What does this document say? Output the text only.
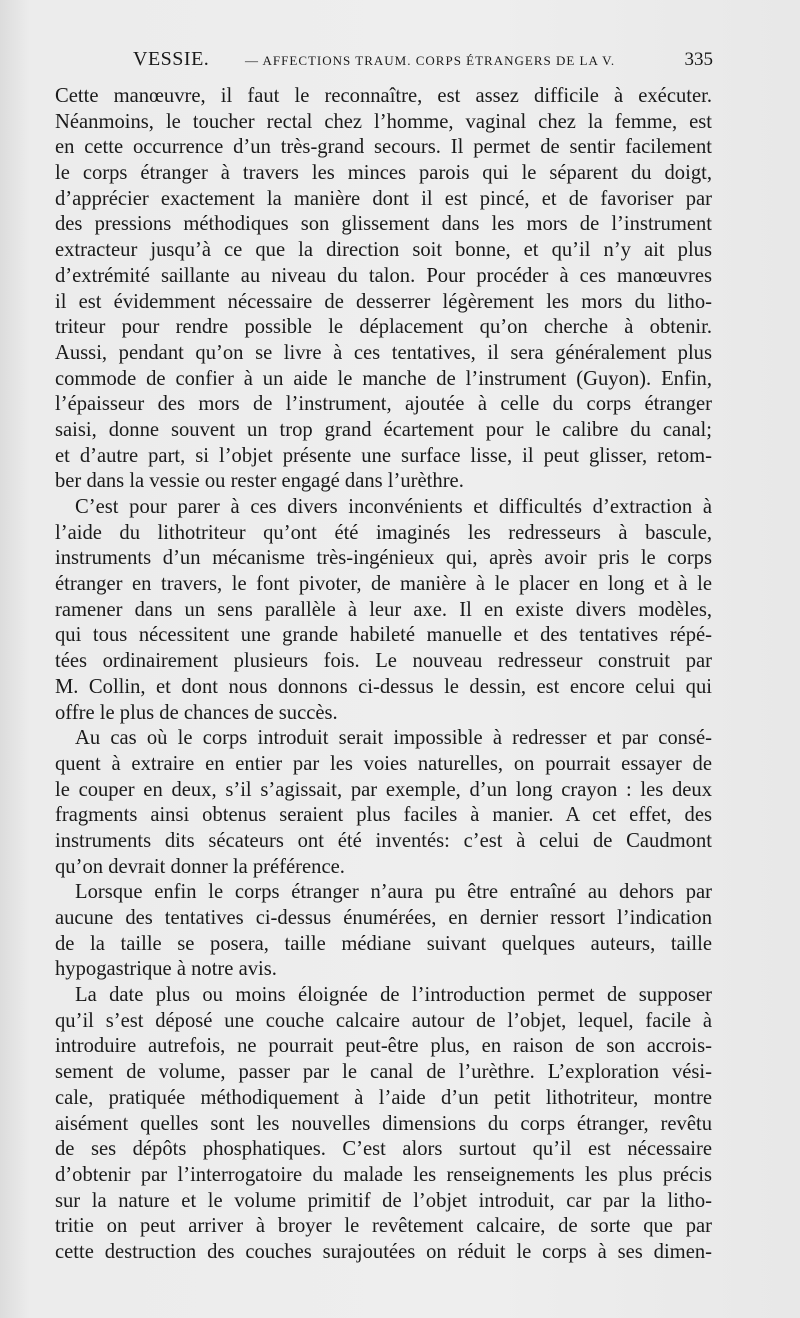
VESSIE.	— AFFECTIONS TRAUM. CORPS ÉTRANGERS DE LA V.	335
Cette manœuvre, il faut le reconnaître, est assez difficile à exécuter.
Néanmoins, le toucher rectal chez l’homme, vaginal chez la femme, est
en cette occurrence d’un très-grand secours. Il permet de sentir facilement
le corps étranger à travers les minces parois qui le séparent du doigt,
d’apprécier exactement la manière dont il est pincé, et de favoriser par
des pressions méthodiques son glissement dans les mors de l’instrument
extracteur jusqu’à ce que la direction soit bonne, et qu’il n’y ait plus
d’extrémité saillante au niveau du talon. Pour procéder à ces manœuvres
il est évidemment nécessaire de desserrer légèrement les mors du litho-
triteur pour rendre possible le déplacement qu’on cherche à obtenir.
Aussi, pendant qu’on se livre à ces tentatives, il sera généralement plus
commode de confier à un aide le manche de l’instrument (Guyon). Enfin,
l’épaisseur des mors de l’instrument, ajoutée à celle du corps étranger
saisi, donne souvent un trop grand écartement pour le calibre du canal;
et d’autre part, si l’objet présente une surface lisse, il peut glisser, retom-
ber dans la vessie ou rester engagé dans l’urèthre.
C’est pour parer à ces divers inconvénients et difficultés d’extraction à
l’aide du lithotriteur qu’ont été imaginés les redresseurs à bascule,
instruments d’un mécanisme très-ingénieux qui, après avoir pris le corps
étranger en travers, le font pivoter, de manière à le placer en long et à le
ramener dans un sens parallèle à leur axe. Il en existe divers modèles,
qui tous nécessitent une grande habileté manuelle et des tentatives répé-
tées ordinairement plusieurs fois. Le nouveau redresseur construit par
M. Collin, et dont nous donnons ci-dessus le dessin, est encore celui qui
offre le plus de chances de succès.
Au cas où le corps introduit serait impossible à redresser et par consé-
quent à extraire en entier par les voies naturelles, on pourrait essayer de
le couper en deux, s’il s’agissait, par exemple, d’un long crayon : les deux
fragments ainsi obtenus seraient plus faciles à manier. A cet effet, des
instruments dits sécateurs ont été inventés: c’est à celui de Caudmont
qu’on devrait donner la préférence.
Lorsque enfin le corps étranger n’aura pu être entraîné au dehors par
aucune des tentatives ci-dessus énumérées, en dernier ressort l’indication
de la taille se posera, taille médiane suivant quelques auteurs, taille
hypogastrique à notre avis.
La date plus ou moins éloignée de l’introduction permet de supposer
qu’il s’est déposé une couche calcaire autour de l’objet, lequel, facile à
introduire autrefois, ne pourrait peut-être plus, en raison de son accrois-
sement de volume, passer par le canal de l’urèthre. L’exploration vési-
cale, pratiquée méthodiquement à l’aide d’un petit lithotriteur, montre
aisément quelles sont les nouvelles dimensions du corps étranger, revêtu
de ses dépôts phosphatiques. C’est alors surtout qu’il est nécessaire
d’obtenir par l’interrogatoire du malade les renseignements les plus précis
sur la nature et le volume primitif de l’objet introduit, car par la litho-
tritie on peut arriver à broyer le revêtement calcaire, de sorte que par
cette destruction des couches surajoutées on réduit le corps à ses dimen-
